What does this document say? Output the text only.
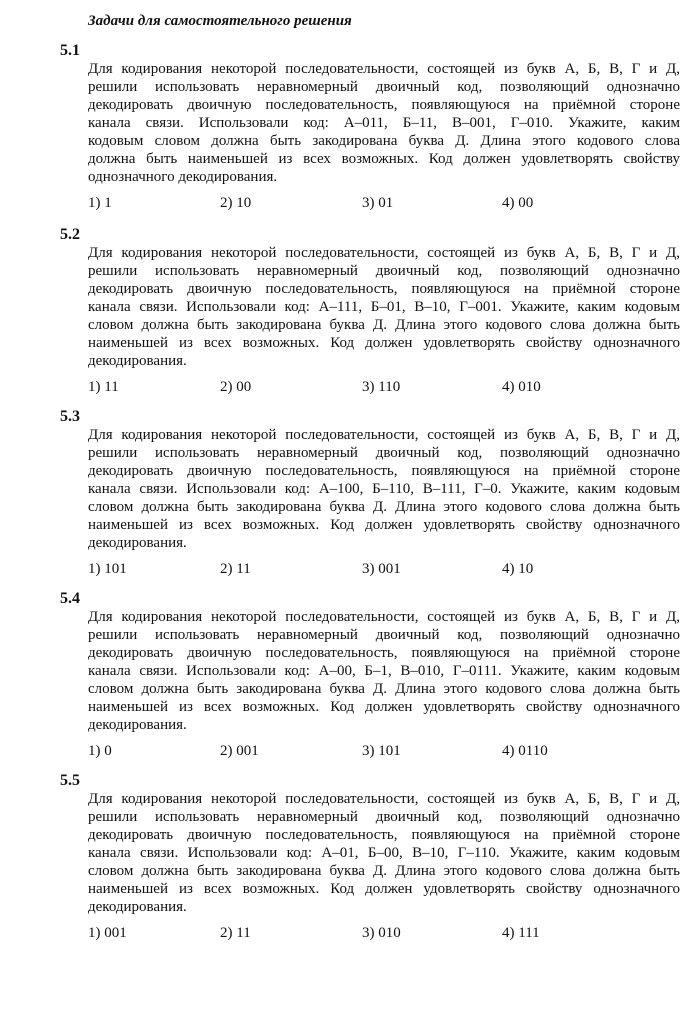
Задачи для самостоятельного решения
5.1
Для кодирования некоторой последовательности, состоящей из букв А, Б, В, Г и Д,
решили использовать неравномерный двоичный код, позволяющий однозначно
декодировать двоичную последовательность, появляющуюся на приёмной стороне
канала связи. Использовали код: А–011, Б–11, В–001, Г–010. Укажите, каким
кодовым словом должна быть закодирована буква Д. Длина этого кодового слова
должна быть наименьшей из всех возможных. Код должен удовлетворять свойству
однозначного декодирования.
1) 1	2) 10	3) 01	4) 00
5.2
Для кодирования некоторой последовательности, состоящей из букв А, Б, В, Г и Д,
решили использовать неравномерный двоичный код, позволяющий однозначно
декодировать двоичную последовательность, появляющуюся на приёмной стороне
канала связи. Использовали код: А–111, Б–01, В–10, Г–001. Укажите, каким кодовым
словом должна быть закодирована буква Д. Длина этого кодового слова должна быть
наименьшей из всех возможных. Код должен удовлетворять свойству однозначного
декодирования.
1) 11	2) 00	3) 110	4) 010
5.3
Для кодирования некоторой последовательности, состоящей из букв А, Б, В, Г и Д,
решили использовать неравномерный двоичный код, позволяющий однозначно
декодировать двоичную последовательность, появляющуюся на приёмной стороне
канала связи. Использовали код: А–100, Б–110, В–111, Г–0. Укажите, каким кодовым
словом должна быть закодирована буква Д. Длина этого кодового слова должна быть
наименьшей из всех возможных. Код должен удовлетворять свойству однозначного
декодирования.
1) 101	2) 11	3) 001	4) 10
5.4
Для кодирования некоторой последовательности, состоящей из букв А, Б, В, Г и Д,
решили использовать неравномерный двоичный код, позволяющий однозначно
декодировать двоичную последовательность, появляющуюся на приёмной стороне
канала связи. Использовали код: А–00, Б–1, В–010, Г–0111. Укажите, каким кодовым
словом должна быть закодирована буква Д. Длина этого кодового слова должна быть
наименьшей из всех возможных. Код должен удовлетворять свойству однозначного
декодирования.
1) 0	2) 001	3) 101	4) 0110
5.5
Для кодирования некоторой последовательности, состоящей из букв А, Б, В, Г и Д,
решили использовать неравномерный двоичный код, позволяющий однозначно
декодировать двоичную последовательность, появляющуюся на приёмной стороне
канала связи. Использовали код: А–01, Б–00, В–10, Г–110. Укажите, каким кодовым
словом должна быть закодирована буква Д. Длина этого кодового слова должна быть
наименьшей из всех возможных. Код должен удовлетворять свойству однозначного
декодирования.
1) 001	2) 11	3) 010	4) 111
